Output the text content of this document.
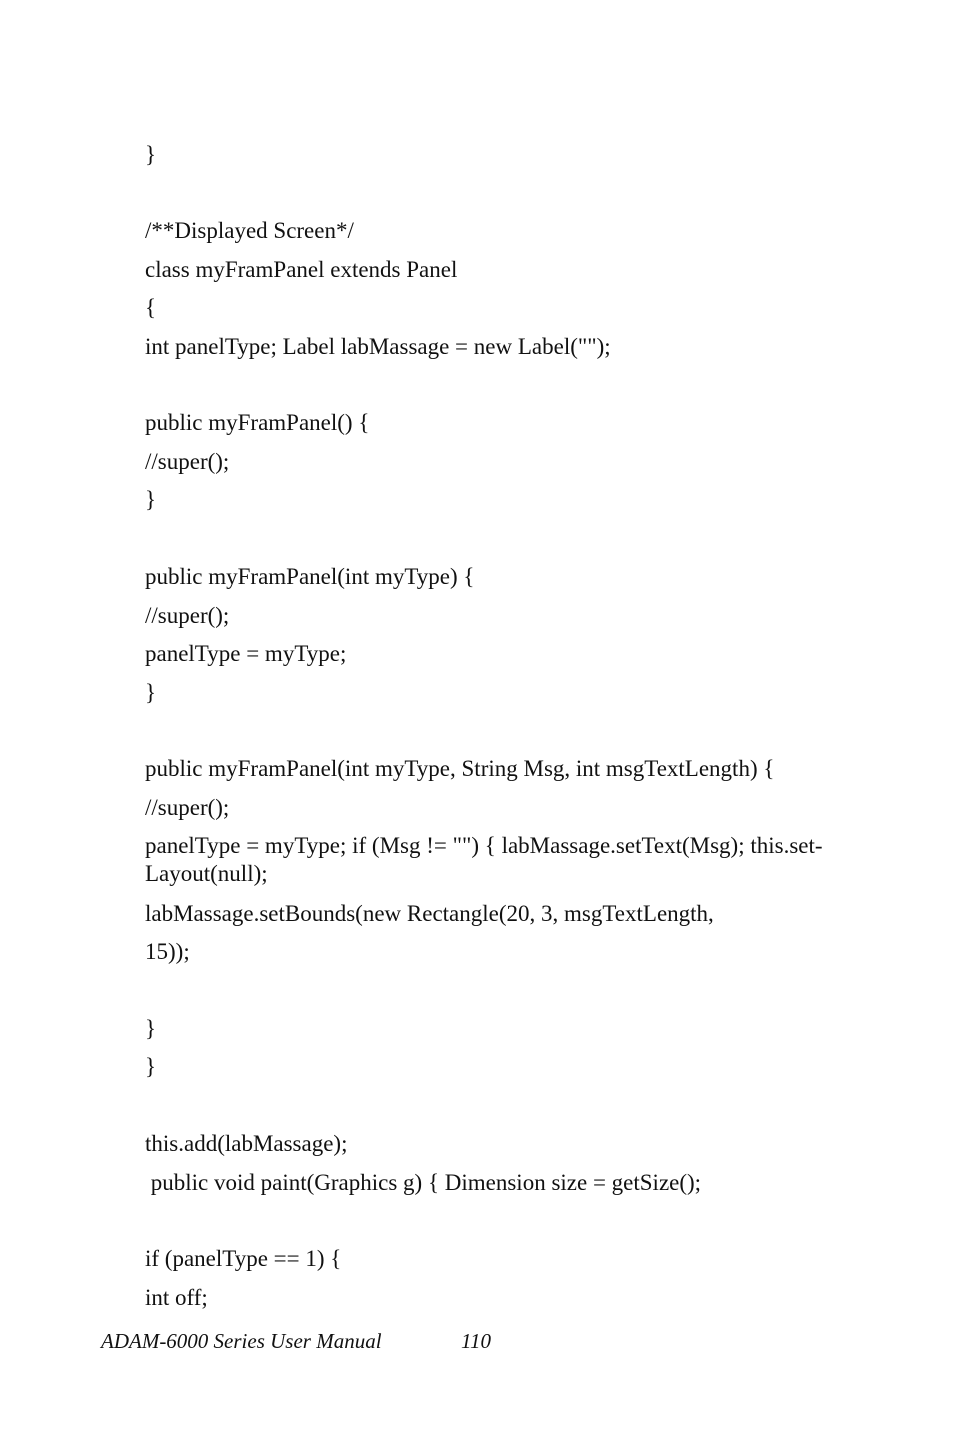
}
/**Displayed Screen*/
class myFramPanel extends Panel
{
int panelType; Label labMassage = new Label("");
public myFramPanel() {
//super();
}
public myFramPanel(int myType) {
//super();
panelType = myType;
}
public myFramPanel(int myType, String Msg, int msgTextLength) {
//super();
panelType = myType; if (Msg != "") { labMassage.setText(Msg); this.set-Layout(null);
labMassage.setBounds(new Rectangle(20, 3, msgTextLength,
15));
}
}
this.add(labMassage);
public void paint(Graphics g) { Dimension size = getSize();
if (panelType == 1) {
int off;
ADAM-6000 Series User Manual	110
